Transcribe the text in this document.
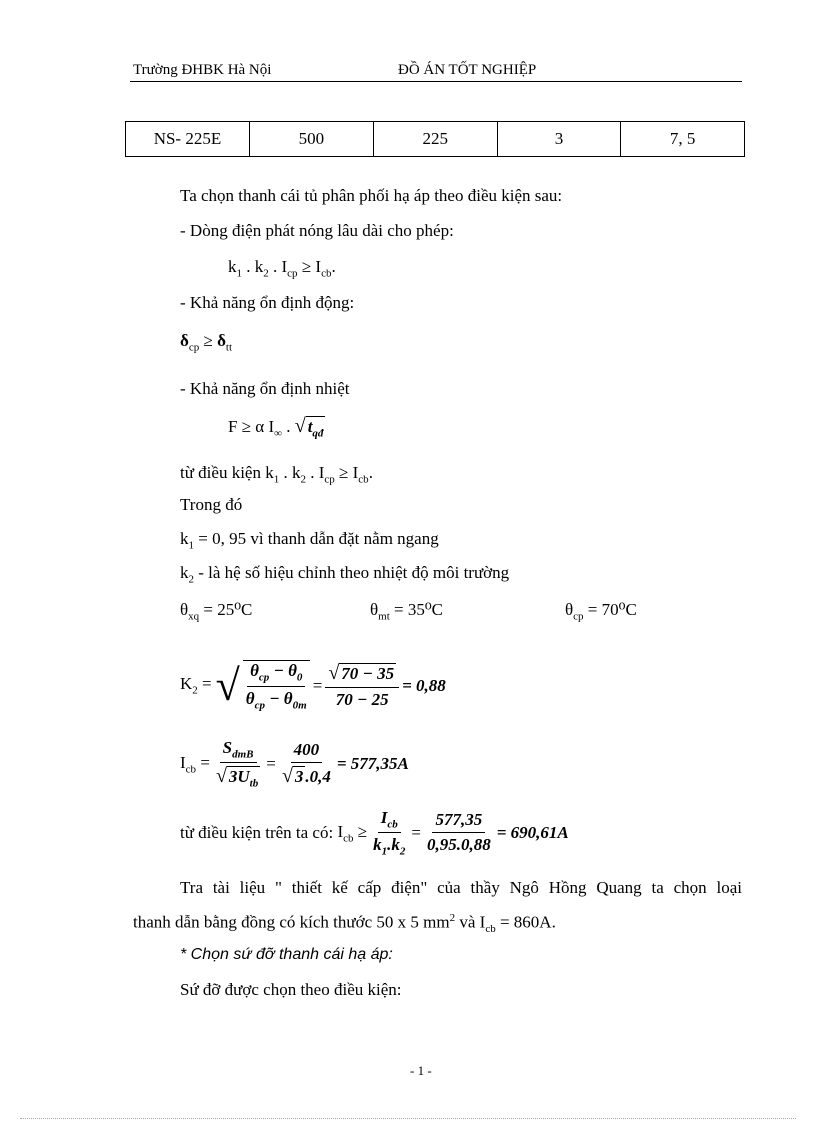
Trường ĐHBK Hà Nội	ĐỒ ÁN TỐT NGHIỆP
NS- 225E	500	225	3	7, 5
Ta chọn thanh cái tủ phân phối hạ áp theo điều kiện sau:
- Dòng điện phát nóng lâu dài cho phép:
$k_1$ . $k_2$ . $I_{cp} \ge I_{cb}$.
- Khả năng ổn định động:
$\delta_{cp} \ge \delta_{tt}$
- Khả năng ổn định nhiệt
F ≥ α $I_\infty$ . √ $t_{qđ}$
từ điều kiện $k_1$ . $k_2$ . $I_{cp} \ge I_{cb}$.
Trong đó
$k_1 = 0$, 95 vì thanh dẫn đặt nằm ngang
$k_2$ - là hệ số hiệu chỉnh theo nhiệt độ môi trường
$\theta_{xq} = 25^0C$	$\theta_{mt} = 35^0C$	$\theta_{cp} = 70^0C$
$K_2$ = √ $\frac{\theta_{cp} - \theta_0}{\theta_{cp} - \theta_{0m}} = \frac{√ 70 - 35}{70 - 25} = 0,88$
$I_{cb} = \frac{S_{dmB}}{√ 3U_{tb}} = \frac{400}{√ 3 .0,4} = 577,35A$
từ điều kiện trên ta có: $I_{cb} \ge \frac{I_{cb}}{k_1.k_2} = \frac{577,35}{0,95.0,88} = 690,61A$
Tra tài liệu " thiết kế cấp điện" của thầy Ngô Hồng Quang ta chọn loại
thanh dẫn bằng đồng có kích thước 50 x 5 $mm^2$ và $I_{cb} = 860A$.
* Chọn sứ đỡ thanh cái hạ áp:
Sứ đỡ được chọn theo điều kiện:
- 1 -
